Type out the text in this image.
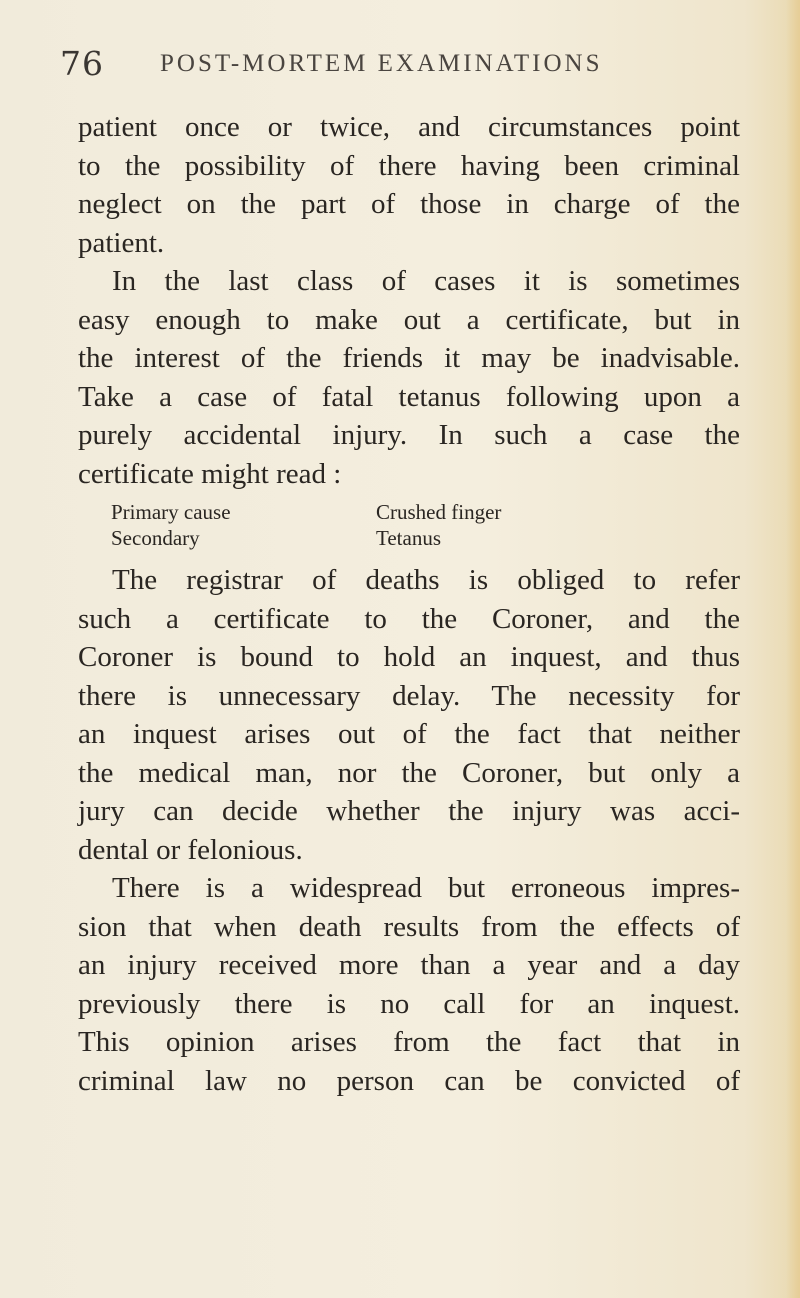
76 POST-MORTEM EXAMINATIONS

patient once or twice, and circumstances point
to the possibility of there having been criminal
neglect on the part of those in charge of the
patient.

In the last class of cases it is sometimes
easy enough to make out a certificate, but in
the interest of the friends it may be inadvisable.
Take a case of fatal tetanus following upon a
purely accidental injury. In such a case the
certificate might read :

Primary cause	Crushed finger
Secondary	Tetanus

The registrar of deaths is obliged to refer
such a certificate to the Coroner, and the
Coroner is bound to hold an inquest, and thus
there is unnecessary delay. The necessity for
an inquest arises out of the fact that neither
the medical man, nor the Coroner, but only a
jury can decide whether the injury was acci-
dental or felonious.

There is a widespread but erroneous impres-
sion that when death results from the effects of
an injury received more than a year and a day
previously there is no call for an inquest.
This opinion arises from the fact that in
criminal law no person can be convicted of
